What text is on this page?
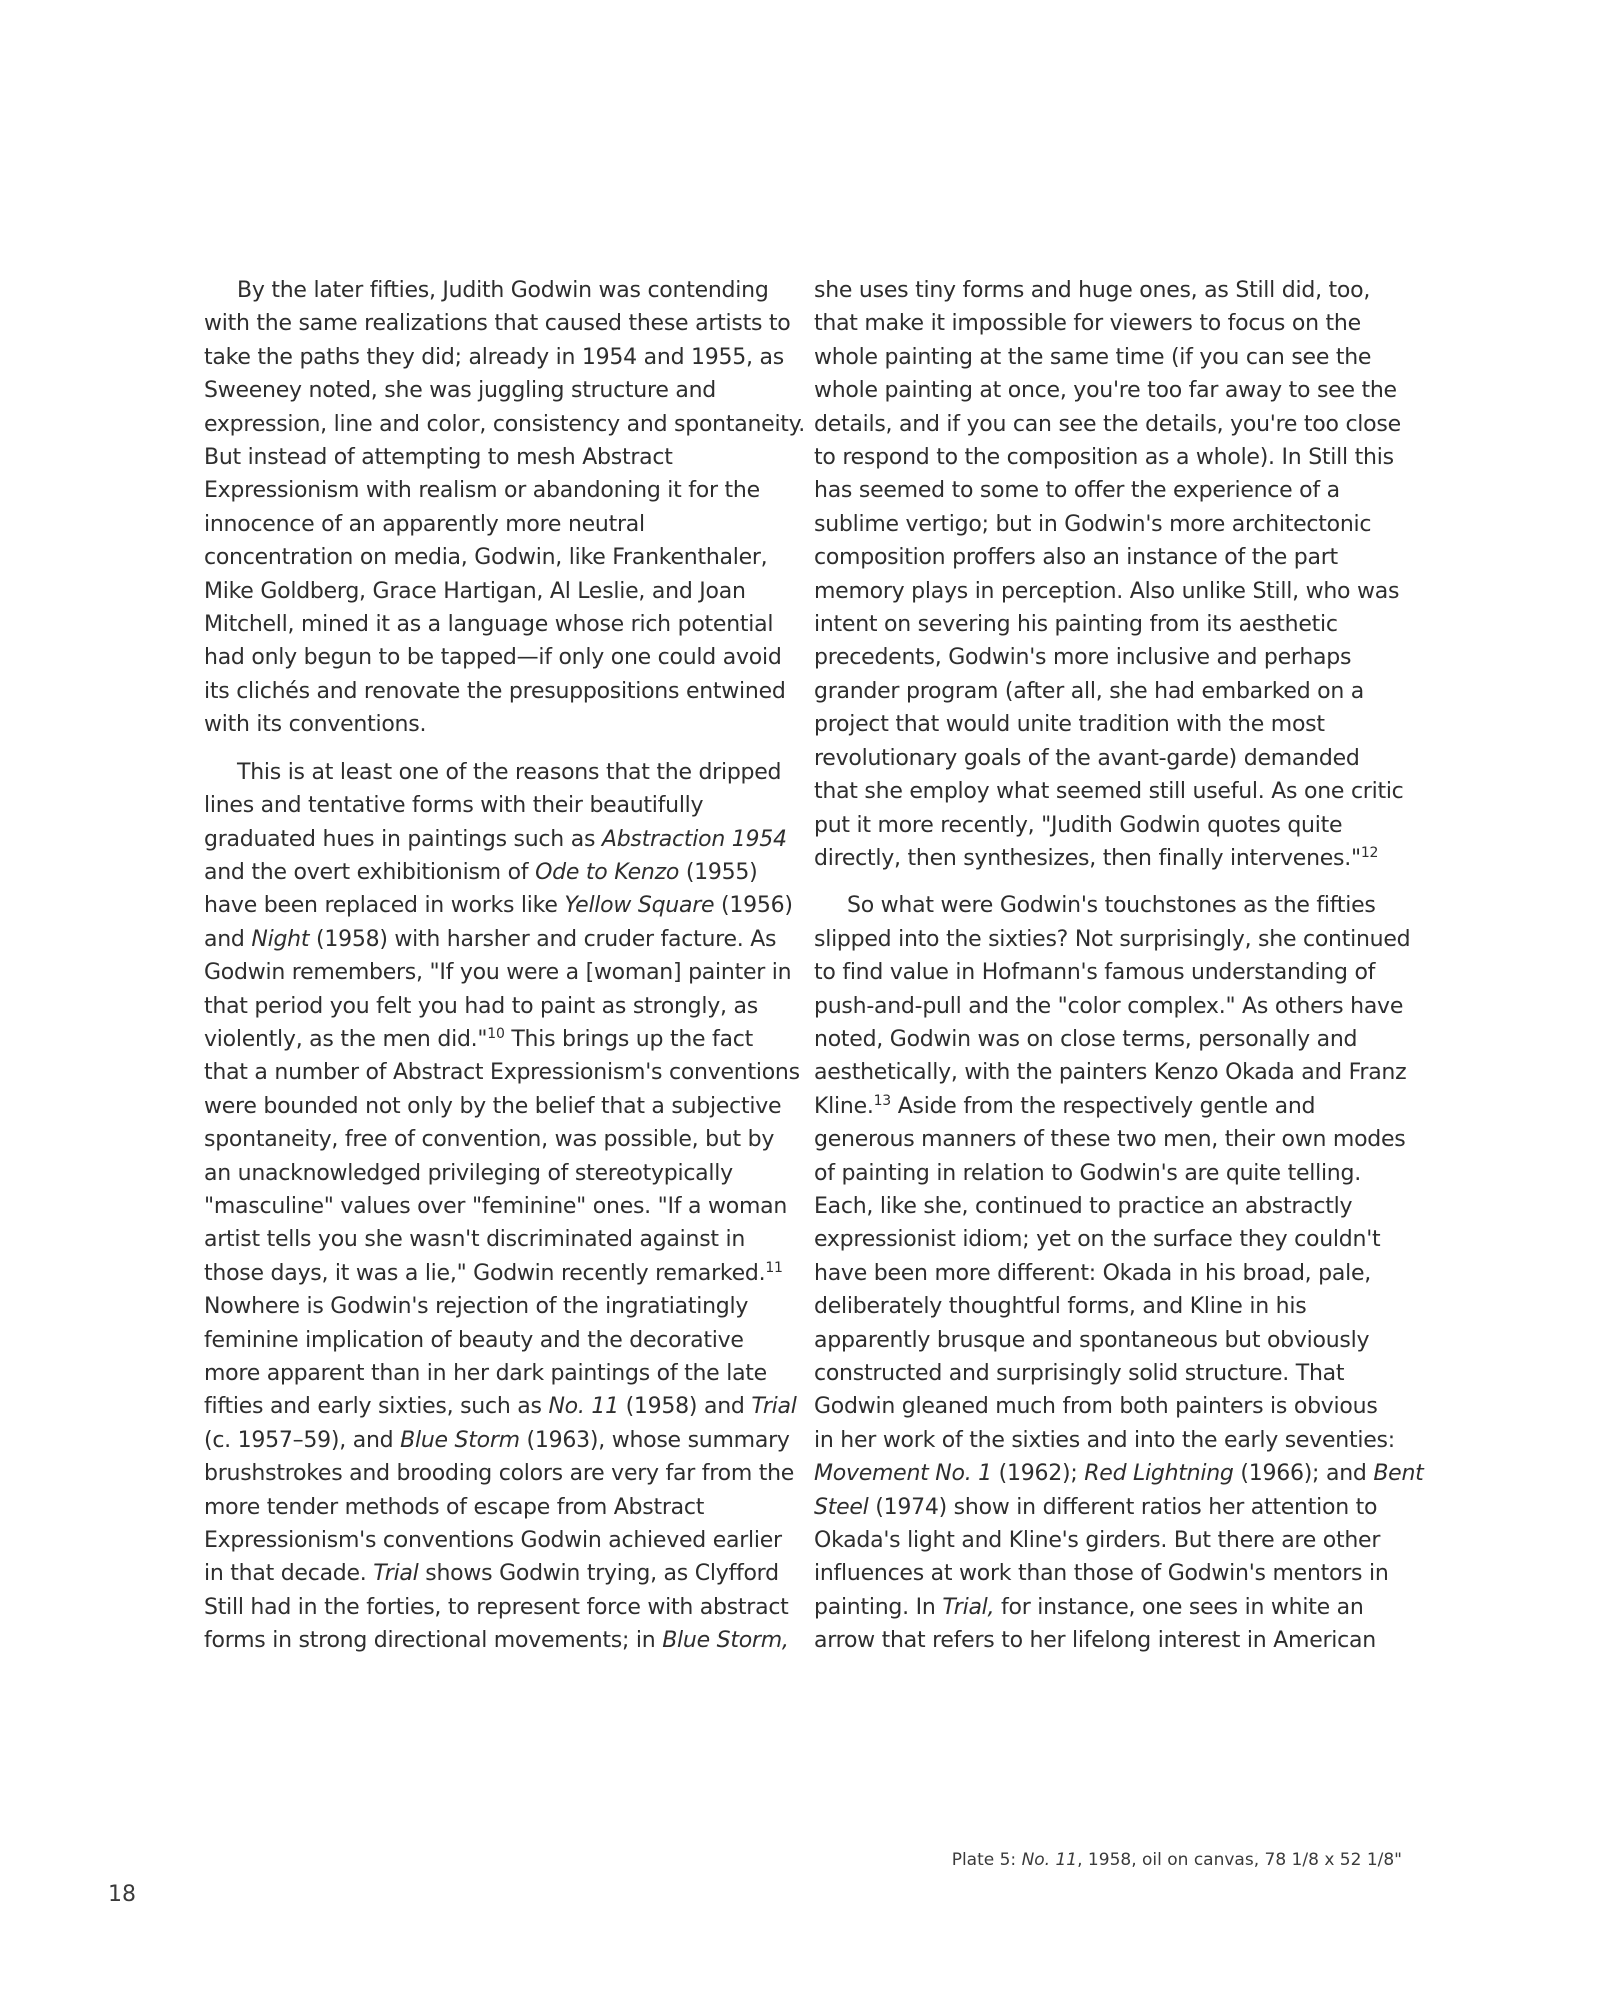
By the later fifties, Judith Godwin was contending
with the same realizations that caused these artists to
take the paths they did; already in 1954 and 1955, as
Sweeney noted, she was juggling structure and
expression, line and color, consistency and spontaneity.
But instead of attempting to mesh Abstract
Expressionism with realism or abandoning it for the
innocence of an apparently more neutral
concentration on media, Godwin, like Frankenthaler,
Mike Goldberg, Grace Hartigan, Al Leslie, and Joan
Mitchell, mined it as a language whose rich potential
had only begun to be tapped—if only one could avoid
its clichés and renovate the presuppositions entwined
with its conventions.

This is at least one of the reasons that the dripped
lines and tentative forms with their beautifully
graduated hues in paintings such as Abstraction 1954
and the overt exhibitionism of Ode to Kenzo (1955)
have been replaced in works like Yellow Square (1956)
and Night (1958) with harsher and cruder facture. As
Godwin remembers, "If you were a [woman] painter in
that period you felt you had to paint as strongly, as
violently, as the men did."$^{10}$ This brings up the fact
that a number of Abstract Expressionism's conventions
were bounded not only by the belief that a subjective
spontaneity, free of convention, was possible, but by
an unacknowledged privileging of stereotypically
"masculine" values over "feminine" ones. "If a woman
artist tells you she wasn't discriminated against in
those days, it was a lie," Godwin recently remarked.$^{11}$
Nowhere is Godwin's rejection of the ingratiatingly
feminine implication of beauty and the decorative
more apparent than in her dark paintings of the late
fifties and early sixties, such as No. 11 (1958) and Trial
(c. 1957–59), and Blue Storm (1963), whose summary
brushstrokes and brooding colors are very far from the
more tender methods of escape from Abstract
Expressionism's conventions Godwin achieved earlier
in that decade. Trial shows Godwin trying, as Clyfford
Still had in the forties, to represent force with abstract
forms in strong directional movements; in Blue Storm,

she uses tiny forms and huge ones, as Still did, too,
that make it impossible for viewers to focus on the
whole painting at the same time (if you can see the
whole painting at once, you're too far away to see the
details, and if you can see the details, you're too close
to respond to the composition as a whole). In Still this
has seemed to some to offer the experience of a
sublime vertigo; but in Godwin's more architectonic
composition proffers also an instance of the part
memory plays in perception. Also unlike Still, who was
intent on severing his painting from its aesthetic
precedents, Godwin's more inclusive and perhaps
grander program (after all, she had embarked on a
project that would unite tradition with the most
revolutionary goals of the avant-garde) demanded
that she employ what seemed still useful. As one critic
put it more recently, "Judith Godwin quotes quite
directly, then synthesizes, then finally intervenes."$^{12}$

So what were Godwin's touchstones as the fifties
slipped into the sixties? Not surprisingly, she continued
to find value in Hofmann's famous understanding of
push-and-pull and the "color complex." As others have
noted, Godwin was on close terms, personally and
aesthetically, with the painters Kenzo Okada and Franz
Kline.$^{13}$ Aside from the respectively gentle and
generous manners of these two men, their own modes
of painting in relation to Godwin's are quite telling.
Each, like she, continued to practice an abstractly
expressionist idiom; yet on the surface they couldn't
have been more different: Okada in his broad, pale,
deliberately thoughtful forms, and Kline in his
apparently brusque and spontaneous but obviously
constructed and surprisingly solid structure. That
Godwin gleaned much from both painters is obvious
in her work of the sixties and into the early seventies:
Movement No. 1 (1962); Red Lightning (1966); and Bent
Steel (1974) show in different ratios her attention to
Okada's light and Kline's girders. But there are other
influences at work than those of Godwin's mentors in
painting. In Trial, for instance, one sees in white an
arrow that refers to her lifelong interest in American

Plate 5: No. 11, 1958, oil on canvas, 78 1/8 x 52 1/8"
18
